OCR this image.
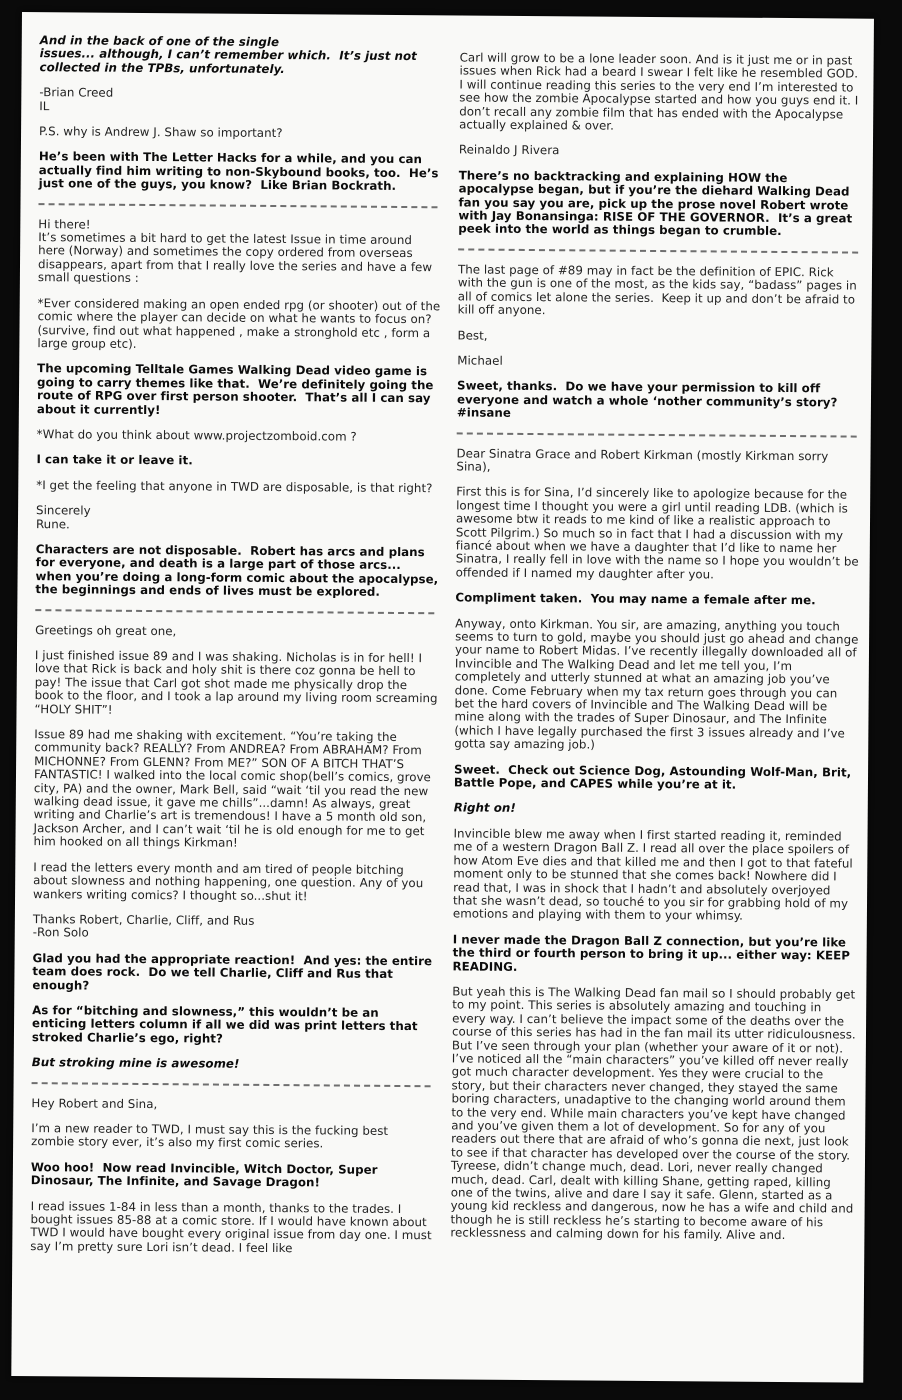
And in the back of one of the single
issues... although, I can’t remember which.  It’s just not
collected in the TPBs, unfortunately.

-Brian Creed
IL

P.S. why is Andrew J. Shaw so important?

He’s been with The Letter Hacks for a while, and you can actually find him writing to non-Skybound books, too.  He’s just one of the guys, you know?  Like Brian Bockrath.

Hi there!
It’s sometimes a bit hard to get the latest Issue in time around here (Norway) and sometimes the copy ordered from overseas disappears, apart from that I really love the series and have a few small questions :

*Ever considered making an open ended rpg (or shooter) out of the comic where the player can decide on what he wants to focus on? (survive, find out what happened , make a stronghold etc , form a large group etc).

The upcoming Telltale Games Walking Dead video game is going to carry themes like that.  We’re definitely going the route of RPG over first person shooter.  That’s all I can say about it currently!

*What do you think about www.projectzomboid.com ?

I can take it or leave it.

*I get the feeling that anyone in TWD are disposable, is that right?

Sincerely
Rune.

Characters are not disposable.  Robert has arcs and plans for everyone, and death is a large part of those arcs... when you’re doing a long-form comic about the apocalypse, the beginnings and ends of lives must be explored.

Greetings oh great one,

I just finished issue 89 and I was shaking. Nicholas is in for hell! I love that Rick is back and holy shit is there coz gonna be hell to pay! The issue that Carl got shot made me physically drop the book to the floor, and I took a lap around my living room screaming “HOLY SHIT”!

Issue 89 had me shaking with excitement. “You’re taking the community back? REALLY? From ANDREA? From ABRAHAM? From MICHONNE? From GLENN? From ME?” SON OF A BITCH THAT’S FANTASTIC! I walked into the local comic shop(bell’s comics, grove city, PA) and the owner, Mark Bell, said “wait ‘til you read the new walking dead issue, it gave me chills”...damn! As always, great writing and Charlie’s art is tremendous! I have a 5 month old son, Jackson Archer, and I can’t wait ‘til he is old enough for me to get him hooked on all things Kirkman!

I read the letters every month and am tired of people bitching about slowness and nothing happening, one question. Any of you wankers writing comics? I thought so...shut it!

Thanks Robert, Charlie, Cliff, and Rus
-Ron Solo

Glad you had the appropriate reaction!  And yes: the entire team does rock.  Do we tell Charlie, Cliff and Rus that enough?

As for “bitching and slowness,” this wouldn’t be an enticing letters column if all we did was print letters that stroked Charlie’s ego, right?

But stroking mine is awesome!

Hey Robert and Sina,

I’m a new reader to TWD, I must say this is the fucking best zombie story ever, it’s also my first comic series.

Woo hoo!  Now read Invincible, Witch Doctor, Super Dinosaur, The Infinite, and Savage Dragon!

I read issues 1-84 in less than a month, thanks to the trades. I bought issues 85-88 at a comic store. If I would have known about TWD I would have bought every original issue from day one. I must say I’m pretty sure Lori isn’t dead. I feel like

Carl will grow to be a lone leader soon. And is it just me or in past issues when Rick had a beard I swear I felt like he resembled GOD. I will continue reading this series to the very end I’m interested to see how the zombie Apocalypse started and how you guys end it. I don’t recall any zombie film that has ended with the Apocalypse actually explained & over.

Reinaldo J Rivera

There’s no backtracking and explaining HOW the apocalypse began, but if you’re the diehard Walking Dead fan you say you are, pick up the prose novel Robert wrote with Jay Bonansinga: RISE OF THE GOVERNOR.  It’s a great peek into the world as things began to crumble.

The last page of #89 may in fact be the definition of EPIC. Rick with the gun is one of the most, as the kids say, “badass” pages in all of comics let alone the series.  Keep it up and don’t be afraid to kill off anyone.

Best,

Michael

Sweet, thanks.  Do we have your permission to kill off everyone and watch a whole ‘nother community’s story? #insane

Dear Sinatra Grace and Robert Kirkman (mostly Kirkman sorry Sina),

First this is for Sina, I’d sincerely like to apologize because for the longest time I thought you were a girl until reading LDB. (which is awesome btw it reads to me kind of like a realistic approach to Scott Pilgrim.) So much so in fact that I had a discussion with my fiancé about when we have a daughter that I’d like to name her Sinatra, I really fell in love with the name so I hope you wouldn’t be offended if I named my daughter after you.

Compliment taken.  You may name a female after me.

Anyway, onto Kirkman. You sir, are amazing, anything you touch seems to turn to gold, maybe you should just go ahead and change your name to Robert Midas. I’ve recently illegally downloaded all of Invincible and The Walking Dead and let me tell you, I’m completely and utterly stunned at what an amazing job you’ve done. Come February when my tax return goes through you can bet the hard covers of Invincible and The Walking Dead will be mine along with the trades of Super Dinosaur, and The Infinite (which I have legally purchased the first 3 issues already and I’ve gotta say amazing job.)

Sweet.  Check out Science Dog, Astounding Wolf-Man, Brit, Battle Pope, and CAPES while you’re at it.

Right on!

Invincible blew me away when I first started reading it, reminded me of a western Dragon Ball Z. I read all over the place spoilers of how Atom Eve dies and that killed me and then I got to that fateful moment only to be stunned that she comes back! Nowhere did I read that, I was in shock that I hadn’t and absolutely overjoyed that she wasn’t dead, so touché to you sir for grabbing hold of my emotions and playing with them to your whimsy.

I never made the Dragon Ball Z connection, but you’re like the third or fourth person to bring it up... either way: KEEP READING.

But yeah this is The Walking Dead fan mail so I should probably get to my point. This series is absolutely amazing and touching in every way. I can’t believe the impact some of the deaths over the course of this series has had in the fan mail its utter ridiculousness. But I’ve seen through your plan (whether your aware of it or not). I’ve noticed all the “main characters” you’ve killed off never really got much character development. Yes they were crucial to the story, but their characters never changed, they stayed the same boring characters, unadaptive to the changing world around them to the very end. While main characters you’ve kept have changed and you’ve given them a lot of development. So for any of you readers out there that are afraid of who’s gonna die next, just look to see if that character has developed over the course of the story. Tyreese, didn’t change much, dead. Lori, never really changed much, dead. Carl, dealt with killing Shane, getting raped, killing one of the twins, alive and dare I say it safe. Glenn, started as a young kid reckless and dangerous, now he has a wife and child and though he is still reckless he’s starting to become aware of his recklessness and calming down for his family. Alive and.
